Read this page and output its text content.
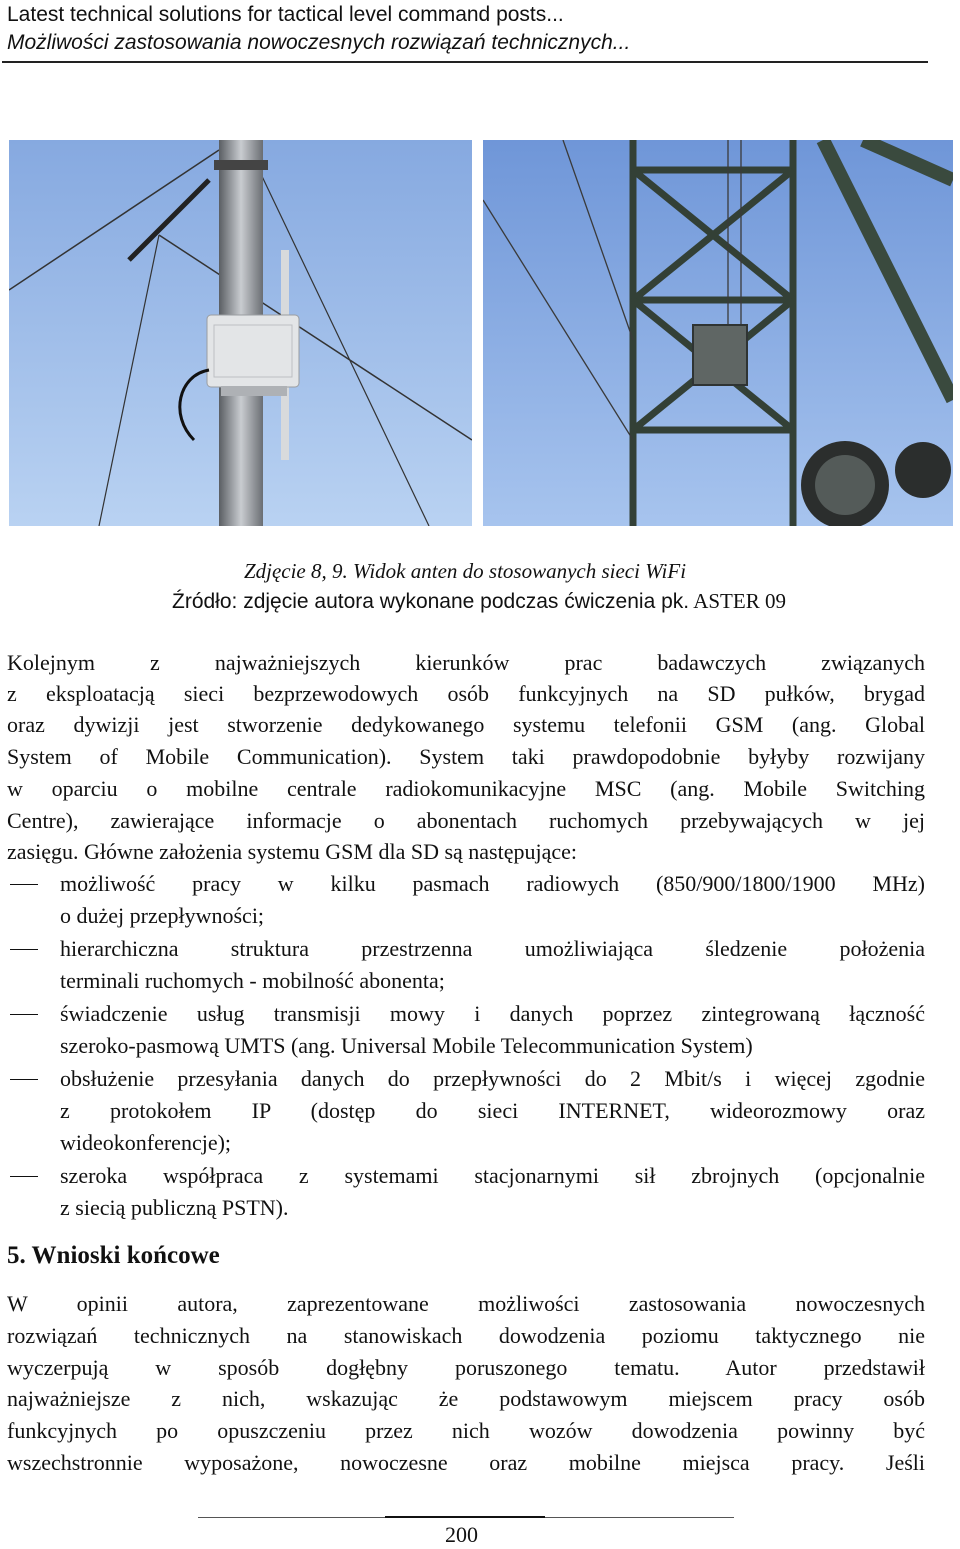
Latest technical solutions for tactical level command posts...
Możliwości zastosowania nowoczesnych rozwiązań technicznych...
Zdjęcie 8, 9. Widok anten do stosowanych sieci WiFi
Źródło: zdjęcie autora wykonane podczas ćwiczenia pk. ASTER 09
Kolejnym z najważniejszych kierunków prac badawczych związanych
z eksploatacją sieci bezprzewodowych osób funkcyjnych na SD pułków, brygad
oraz dywizji jest stworzenie dedykowanego systemu telefonii GSM (ang. Global
System of Mobile Communication). System taki prawdopodobnie byłyby rozwijany
w oparciu o mobilne centrale radiokomunikacyjne MSC (ang. Mobile Switching
Centre), zawierające informacje o abonentach ruchomych przebywających w jej
zasięgu. Główne założenia systemu GSM dla SD są następujące:
możliwość pracy w kilku pasmach radiowych (850/900/1800/1900 MHz)
o dużej przepływności;
hierarchiczna struktura przestrzenna umożliwiająca śledzenie położenia
terminali ruchomych - mobilność abonenta;
świadczenie usług transmisji mowy i danych poprzez zintegrowaną łączność
szeroko-pasmową UMTS (ang. Universal Mobile Telecommunication System)
obsłużenie przesyłania danych do przepływności do 2 Mbit/s i więcej zgodnie
z protokołem IP (dostęp do sieci INTERNET, wideorozmowy oraz
wideokonferencje);
szeroka współpraca z systemami stacjonarnymi sił zbrojnych (opcjonalnie
z siecią publiczną PSTN).
5. Wnioski końcowe
W opinii autora, zaprezentowane możliwości zastosowania nowoczesnych
rozwiązań technicznych na stanowiskach dowodzenia poziomu taktycznego nie
wyczerpują w sposób dogłębny poruszonego tematu. Autor przedstawił
najważniejsze z nich, wskazując że podstawowym miejscem pracy osób
funkcyjnych po opuszczeniu przez nich wozów dowodzenia powinny być
wszechstronnie wyposażone, nowoczesne oraz mobilne miejsca pracy. Jeśli
200
